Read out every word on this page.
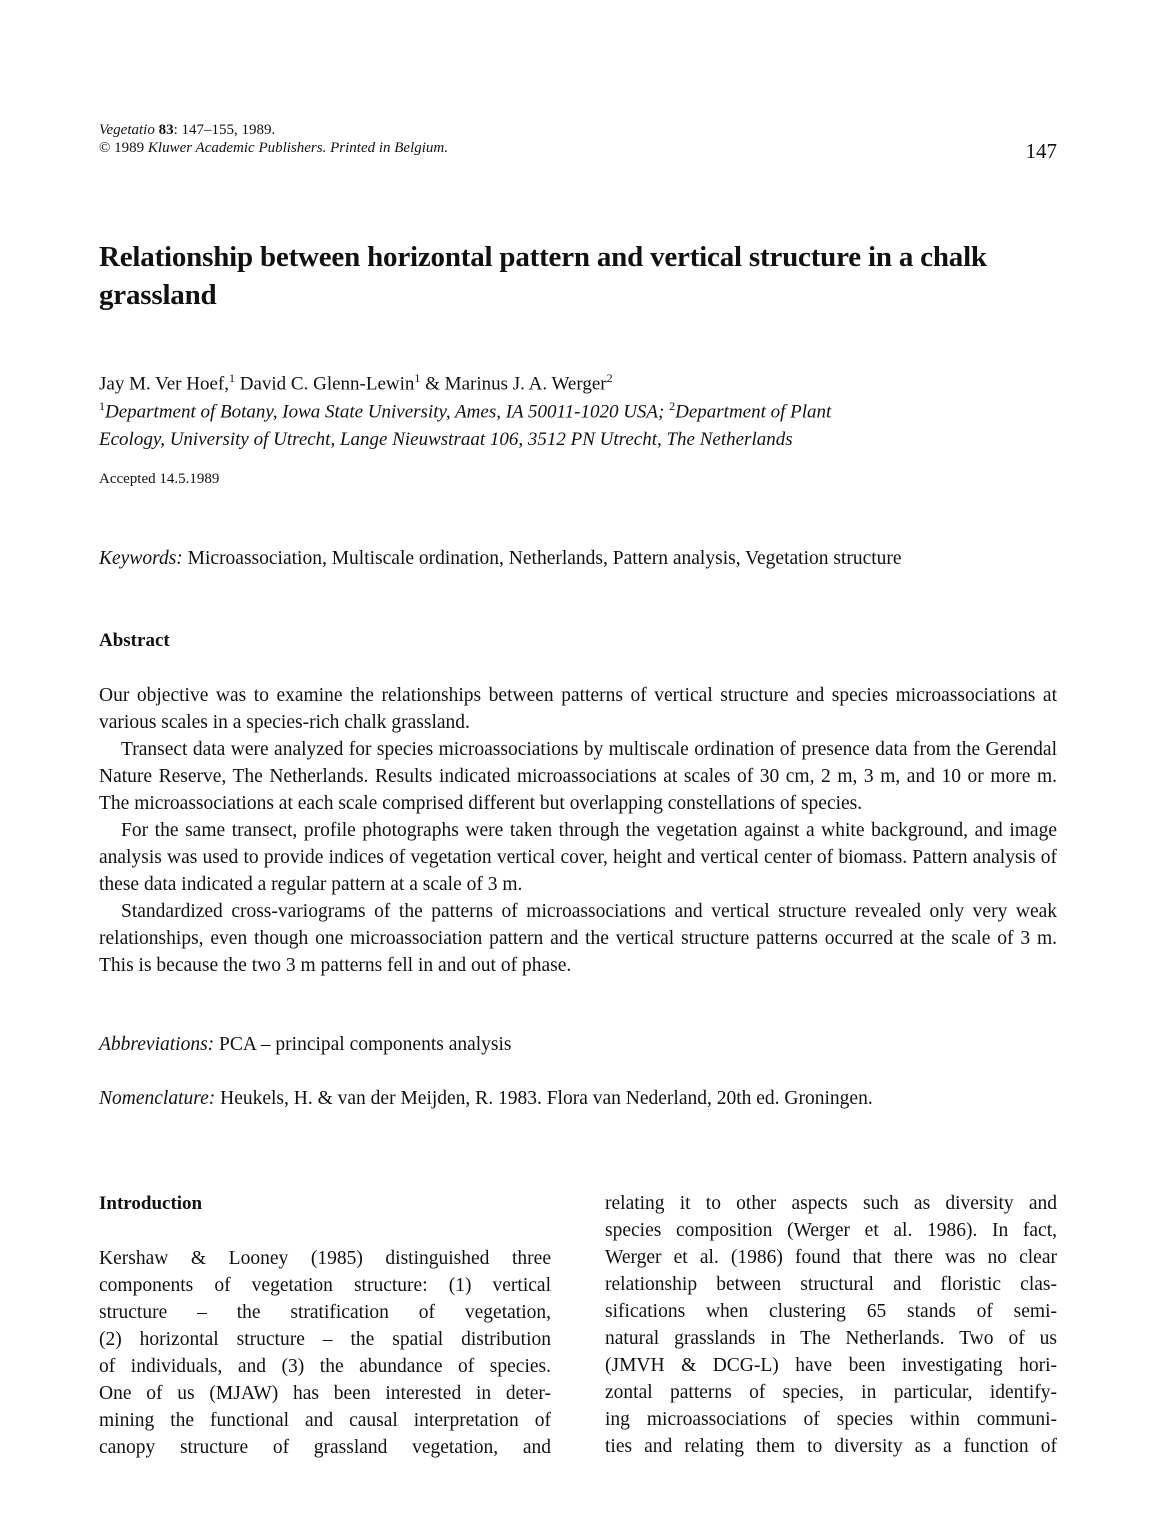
Vegetatio 83: 147–155, 1989.
© 1989 Kluwer Academic Publishers. Printed in Belgium.	147
Relationship between horizontal pattern and vertical structure in a chalk grassland
Jay M. Ver Hoef,$^1$ David C. Glenn-Lewin$^1$ & Marinus J. A. Werger$^2$
$^1$Department of Botany, Iowa State University, Ames, IA 50011-1020 USA; $^2$Department of Plant
Ecology, University of Utrecht, Lange Nieuwstraat 106, 3512 PN Utrecht, The Netherlands
Accepted 14.5.1989
Keywords: Microassociation, Multiscale ordination, Netherlands, Pattern analysis, Vegetation structure
Abstract

Our objective was to examine the relationships between patterns of vertical structure and species microassociations at various scales in a species-rich chalk grassland.

Transect data were analyzed for species microassociations by multiscale ordination of presence data from the Gerendal Nature Reserve, The Netherlands. Results indicated microassociations at scales of 30 cm, 2 m, 3 m, and 10 or more m. The microassociations at each scale comprised different but overlapping constellations of species.

For the same transect, profile photographs were taken through the vegetation against a white background, and image analysis was used to provide indices of vegetation vertical cover, height and vertical center of biomass. Pattern analysis of these data indicated a regular pattern at a scale of 3 m.

Standardized cross-variograms of the patterns of microassociations and vertical structure revealed only very weak relationships, even though one microassociation pattern and the vertical structure patterns occurred at the scale of 3 m. This is because the two 3 m patterns fell in and out of phase.

Abbreviations: PCA – principal components analysis
Nomenclature: Heukels, H. & van der Meijden, R. 1983. Flora van Nederland, 20th ed. Groningen.
Introduction
Kershaw & Looney (1985) distinguished three
components of vegetation structure: (1) vertical
structure – the stratification of vegetation,
(2) horizontal structure – the spatial distribution
of individuals, and (3) the abundance of species.
One of us (MJAW) has been interested in deter-
mining the functional and causal interpretation of
canopy structure of grassland vegetation, and
relating it to other aspects such as diversity and
species composition (Werger et al. 1986). In fact,
Werger et al. (1986) found that there was no clear
relationship between structural and floristic clas-
sifications when clustering 65 stands of semi-
natural grasslands in The Netherlands. Two of us
(JMVH & DCG-L) have been investigating hori-
zontal patterns of species, in particular, identify-
ing microassociations of species within communi-
ties and relating them to diversity as a function of
